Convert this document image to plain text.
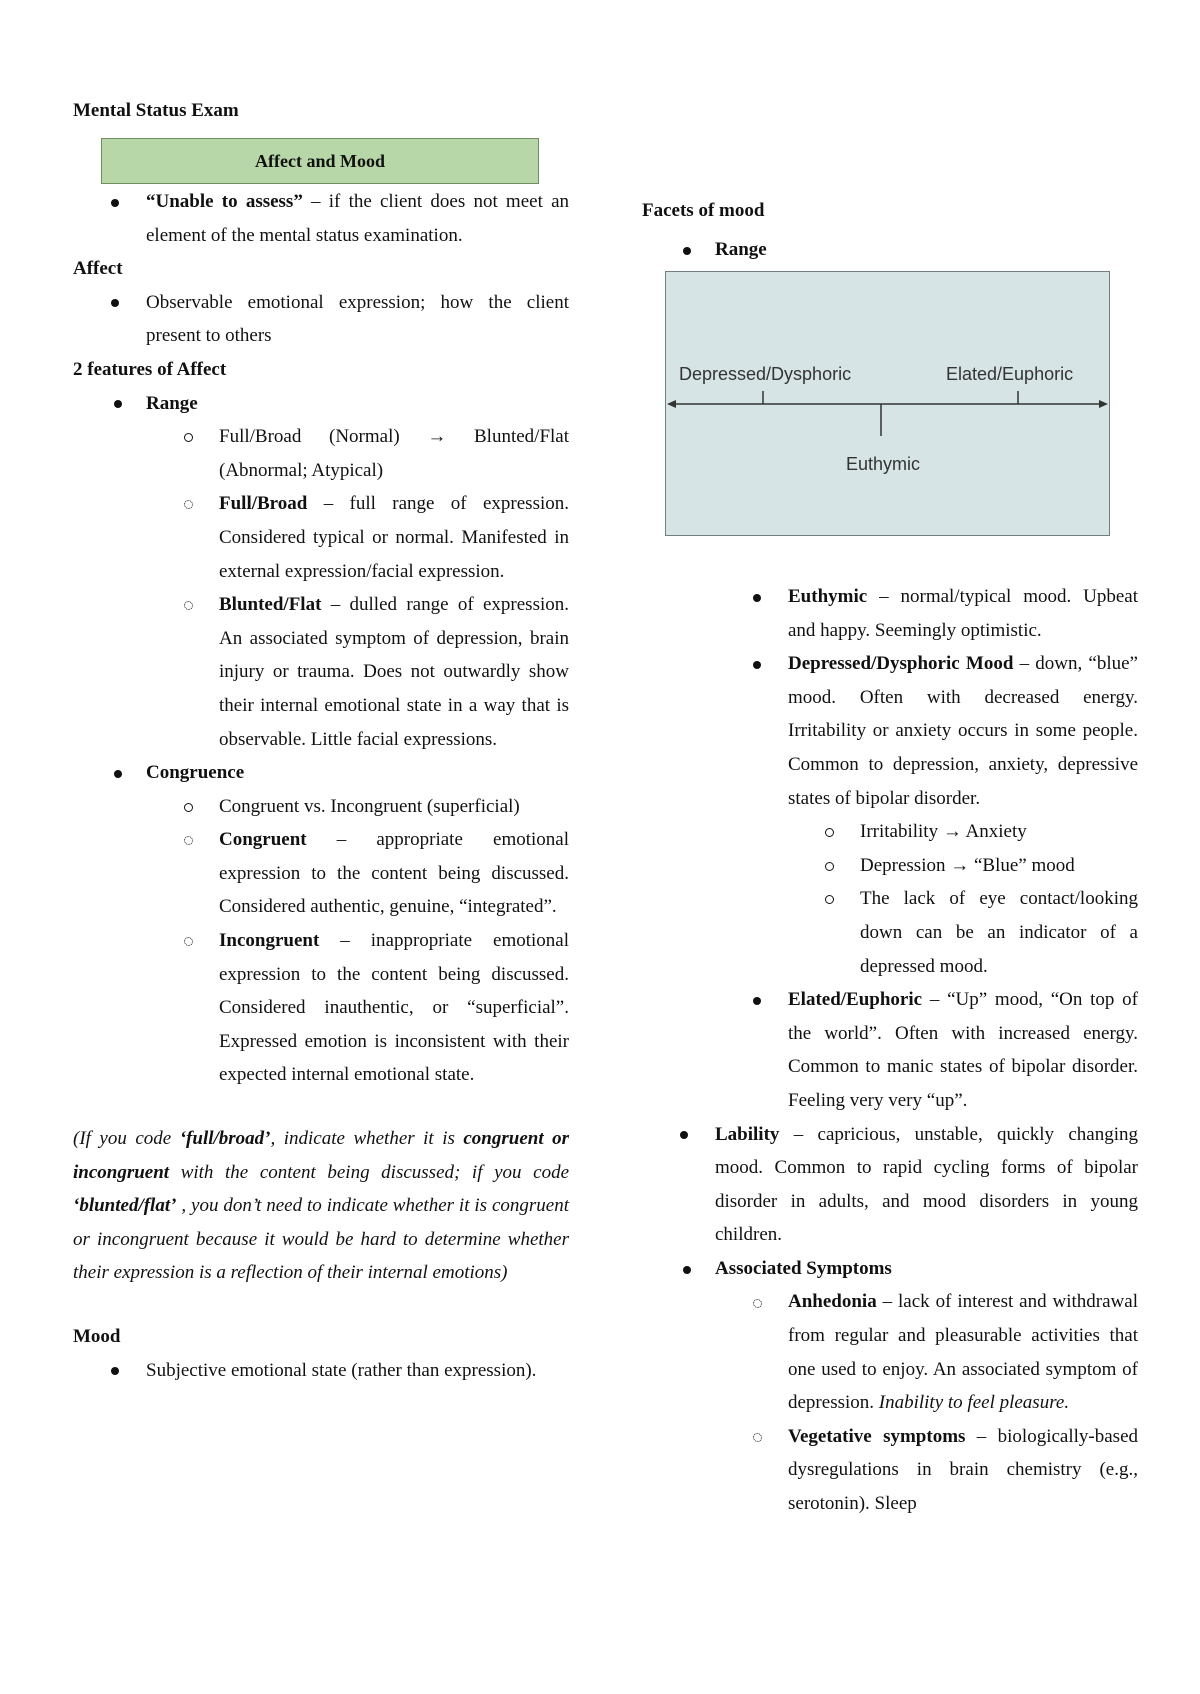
Mental Status Exam
Affect and Mood
“Unable to assess” – if the client does not meet an element of the mental status examination.
Affect
Observable emotional expression; how the client present to others
2 features of Affect
Range
Full/Broad (Normal) → Blunted/Flat (Abnormal; Atypical)
Full/Broad – full range of expression. Considered typical or normal. Manifested in external expression/facial expression.
Blunted/Flat – dulled range of expression. An associated symptom of depression, brain injury or trauma. Does not outwardly show their internal emotional state in a way that is observable. Little facial expressions.
Congruence
Congruent vs. Incongruent (superficial)
Congruent – appropriate emotional expression to the content being discussed. Considered authentic, genuine, “integrated”.
Incongruent – inappropriate emotional expression to the content being discussed. Considered inauthentic, or “superficial”. Expressed emotion is inconsistent with their expected internal emotional state.
(If you code ‘full/broad’, indicate whether it is congruent or incongruent with the content being discussed; if you code ‘blunted/flat’ , you don’t need to indicate whether it is congruent or incongruent because it would be hard to determine whether their expression is a reflection of their internal emotions)
Mood
Subjective emotional state (rather than expression).
Facets of mood
Range
Depressed/Dysphoric	Elated/Euphoric
Euthymic
Euthymic – normal/typical mood. Upbeat and happy. Seemingly optimistic.
Depressed/Dysphoric Mood – down, “blue” mood. Often with decreased energy. Irritability or anxiety occurs in some people. Common to depression, anxiety, depressive states of bipolar disorder.
Irritability → Anxiety
Depression → “Blue” mood
The lack of eye contact/looking down can be an indicator of a depressed mood.
Elated/Euphoric – “Up” mood, “On top of the world”. Often with increased energy. Common to manic states of bipolar disorder. Feeling very very “up”.
Lability – capricious, unstable, quickly changing mood. Common to rapid cycling forms of bipolar disorder in adults, and mood disorders in young children.
Associated Symptoms
Anhedonia – lack of interest and withdrawal from regular and pleasurable activities that one used to enjoy. An associated symptom of depression. Inability to feel pleasure.
Vegetative symptoms – biologically-based dysregulations in brain chemistry (e.g., serotonin). Sleep
